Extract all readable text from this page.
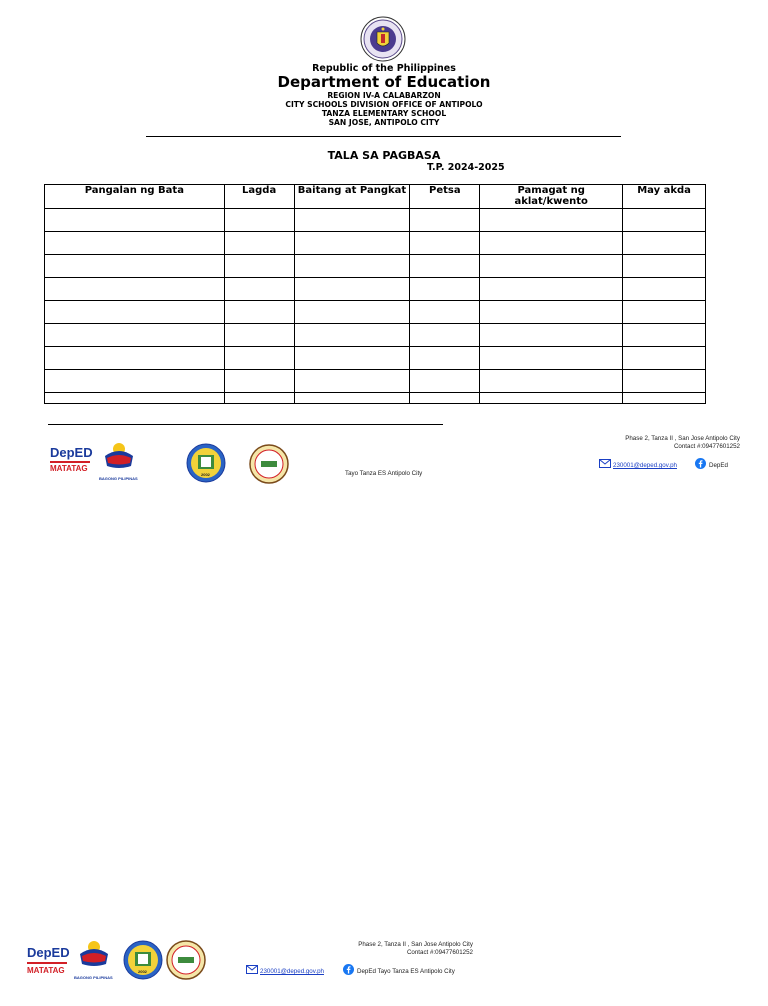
Republic of the Philippines
Department of Education
REGION IV-A CALABARZON
CITY SCHOOLS DIVISION OFFICE OF ANTIPOLO
TANZA ELEMENTARY SCHOOL
SAN JOSE, ANTIPOLO CITY
TALA SA PAGBASA
T.P. 2024-2025
Pangalan ng Bata	Lagda	Baitang at Pangkat	Petsa	Pamagat ng aklat/kwento	May akda

DepED
MATATAG
BAGONG PILIPINAS
2002	Tayo Tanza ES Antipolo City
Phase 2, Tanza II , San Jose Antipolo City
Contact #:09477601252
230001@deped.gov.ph	DepEd
DepED
MATATAG
BAGONG PILIPINAS
2002
Phase 2, Tanza II , San Jose Antipolo City
Contact #:09477601252
230001@deped.gov.ph	DepEd Tayo Tanza ES Antipolo City
